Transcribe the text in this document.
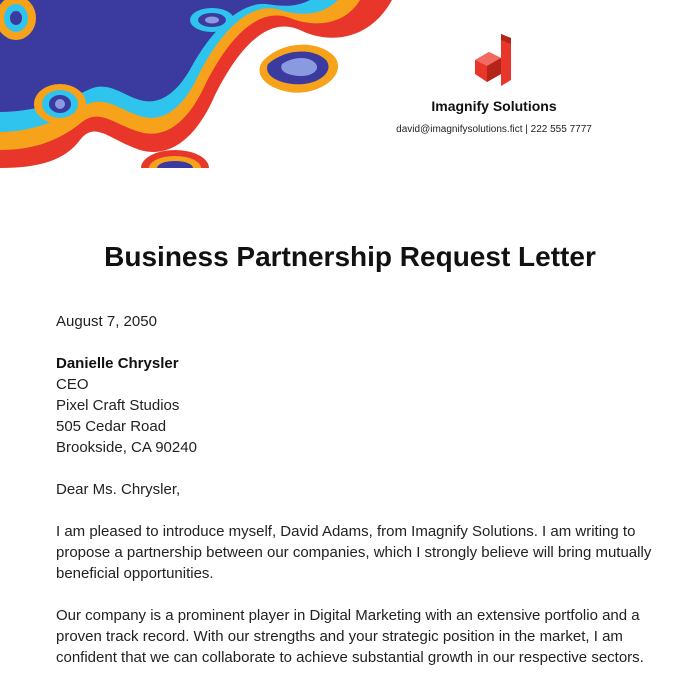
Imagnify Solutions
david@imagnifysolutions.fict | 222 555 7777
Business Partnership Request Letter
August 7, 2050
Danielle Chrysler
CEO
Pixel Craft Studios
505 Cedar Road
Brookside, CA 90240
Dear Ms. Chrysler,
I am pleased to introduce myself, David Adams, from Imagnify Solutions. I am writing to propose a partnership between our companies, which I strongly believe will bring mutually beneficial opportunities.
Our company is a prominent player in Digital Marketing with an extensive portfolio and a proven track record. With our strengths and your strategic position in the market, I am confident that we can collaborate to achieve substantial growth in our respective sectors.
